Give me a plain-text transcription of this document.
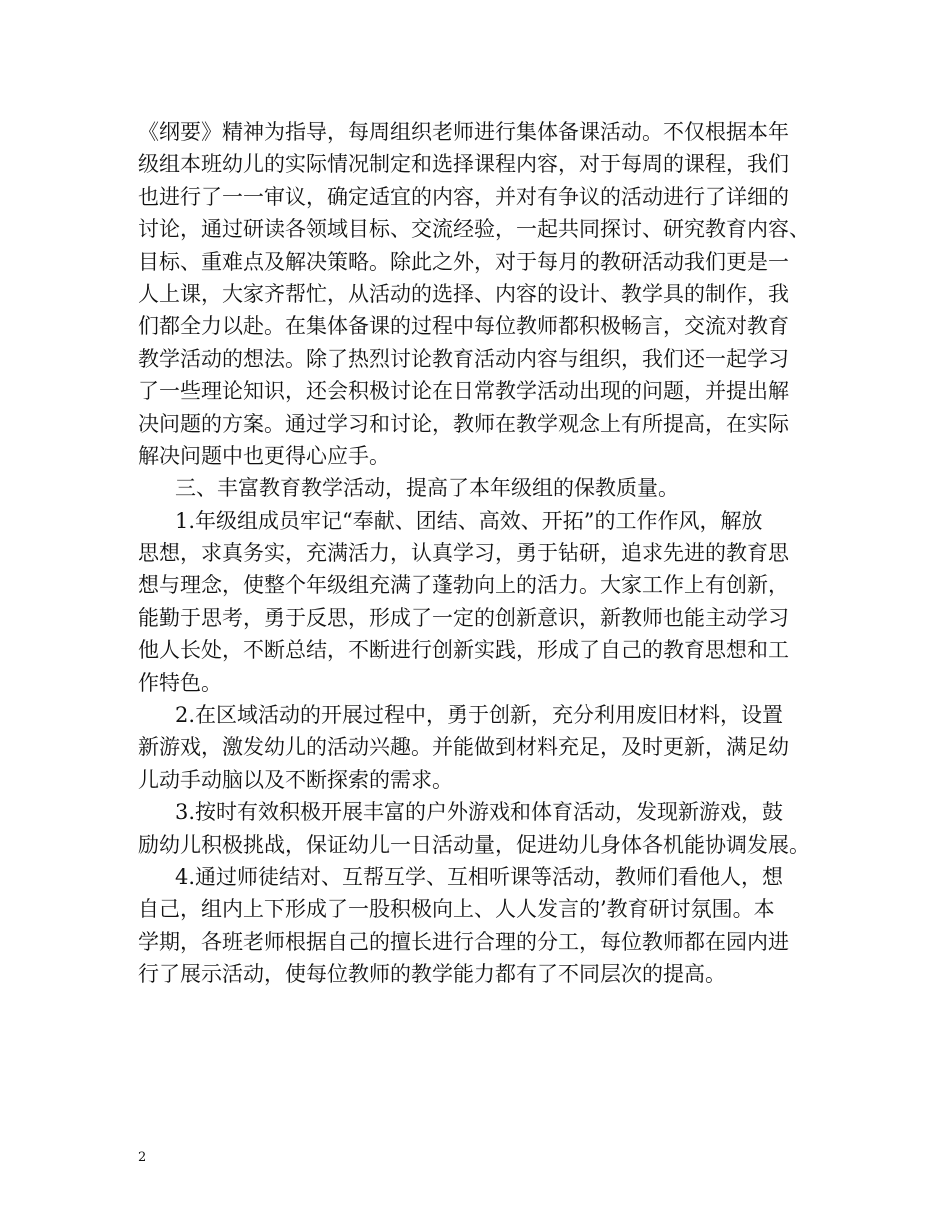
《纲要》精神为指导，每周组织老师进行集体备课活动。不仅根据本年
级组本班幼儿的实际情况制定和选择课程内容，对于每周的课程，我们
也进行了一一审议，确定适宜的内容，并对有争议的活动进行了详细的
讨论，通过研读各领域目标、交流经验，一起共同探讨、研究教育内容、
目标、重难点及解决策略。除此之外，对于每月的教研活动我们更是一
人上课，大家齐帮忙，从活动的选择、内容的设计、教学具的制作，我
们都全力以赴。在集体备课的过程中每位教师都积极畅言，交流对教育
教学活动的想法。除了热烈讨论教育活动内容与组织，我们还一起学习
了一些理论知识，还会积极讨论在日常教学活动出现的问题，并提出解
决问题的方案。通过学习和讨论，教师在教学观念上有所提高，在实际
解决问题中也更得心应手。
三、丰富教育教学活动，提高了本年级组的保教质量。
1.年级组成员牢记“奉献、团结、高效、开拓”的工作作风，解放
思想，求真务实，充满活力，认真学习，勇于钻研，追求先进的教育思
想与理念，使整个年级组充满了蓬勃向上的活力。大家工作上有创新，
能勤于思考，勇于反思，形成了一定的创新意识，新教师也能主动学习
他人长处，不断总结，不断进行创新实践，形成了自己的教育思想和工
作特色。
2.在区域活动的开展过程中，勇于创新，充分利用废旧材料，设置
新游戏，激发幼儿的活动兴趣。并能做到材料充足，及时更新，满足幼
儿动手动脑以及不断探索的需求。
3.按时有效积极开展丰富的户外游戏和体育活动，发现新游戏，鼓
励幼儿积极挑战，保证幼儿一日活动量，促进幼儿身体各机能协调发展。
4.通过师徒结对、互帮互学、互相听课等活动，教师们看他人，想
自己，组内上下形成了一股积极向上、人人发言的’教育研讨氛围。本
学期，各班老师根据自己的擅长进行合理的分工，每位教师都在园内进
行了展示活动，使每位教师的教学能力都有了不同层次的提高。
2
